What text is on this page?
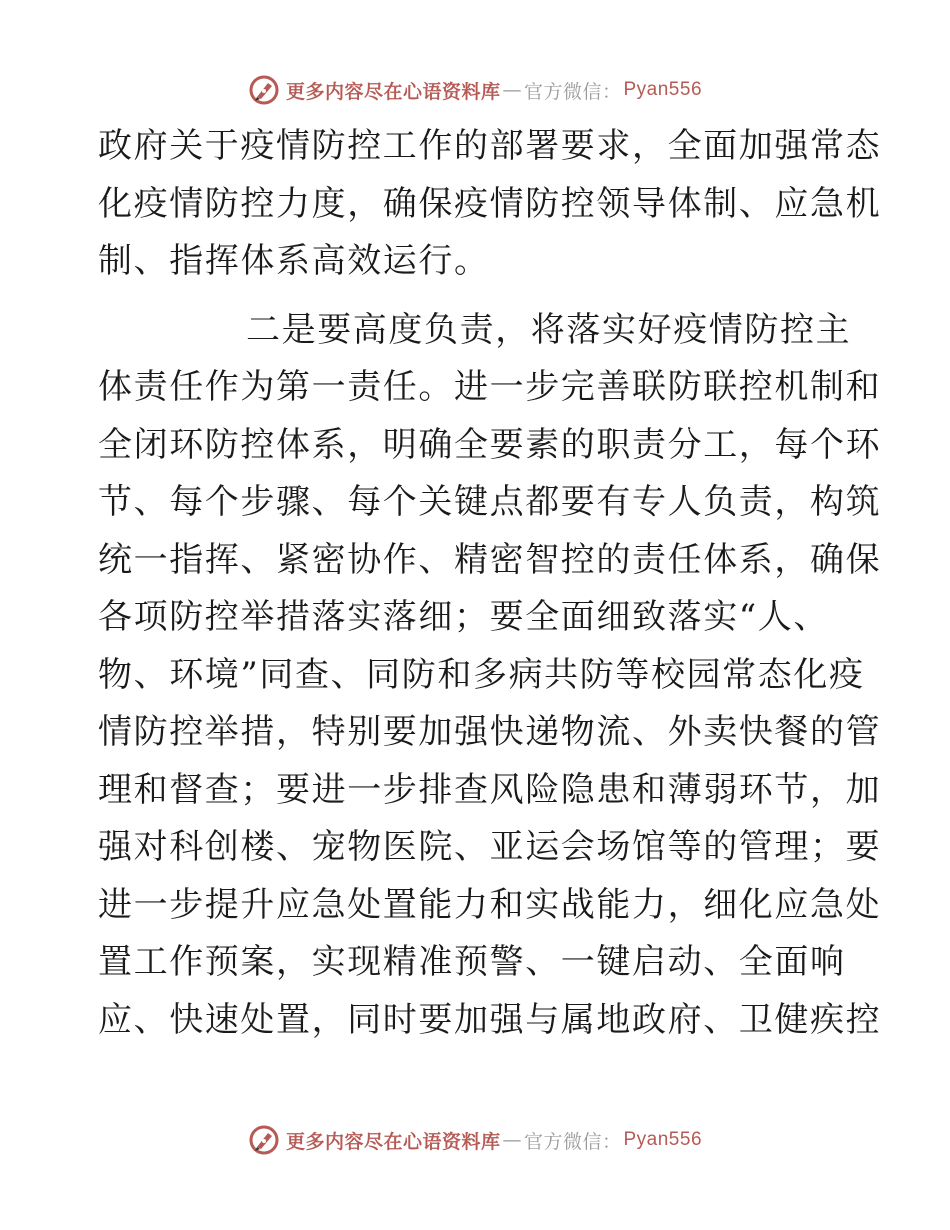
更多内容尽在心语资料库 — 官方微信： Pyan556
政府关于疫情防控工作的部署要求，全面加强常态
化疫情防控力度，确保疫情防控领导体制、应急机
制、指挥体系高效运行。
二是要高度负责，将落实好疫情防控主
体责任作为第一责任。进一步完善联防联控机制和
全闭环防控体系，明确全要素的职责分工，每个环
节、每个步骤、每个关键点都要有专人负责，构筑
统一指挥、紧密协作、精密智控的责任体系，确保
各项防控举措落实落细；要全面细致落实“人、
物、环境”同查、同防和多病共防等校园常态化疫
情防控举措，特别要加强快递物流、外卖快餐的管
理和督查；要进一步排查风险隐患和薄弱环节，加
强对科创楼、宠物医院、亚运会场馆等的管理；要
进一步提升应急处置能力和实战能力，细化应急处
置工作预案，实现精准预警、一键启动、全面响
应、快速处置，同时要加强与属地政府、卫健疾控
更多内容尽在心语资料库 — 官方微信： Pyan556
